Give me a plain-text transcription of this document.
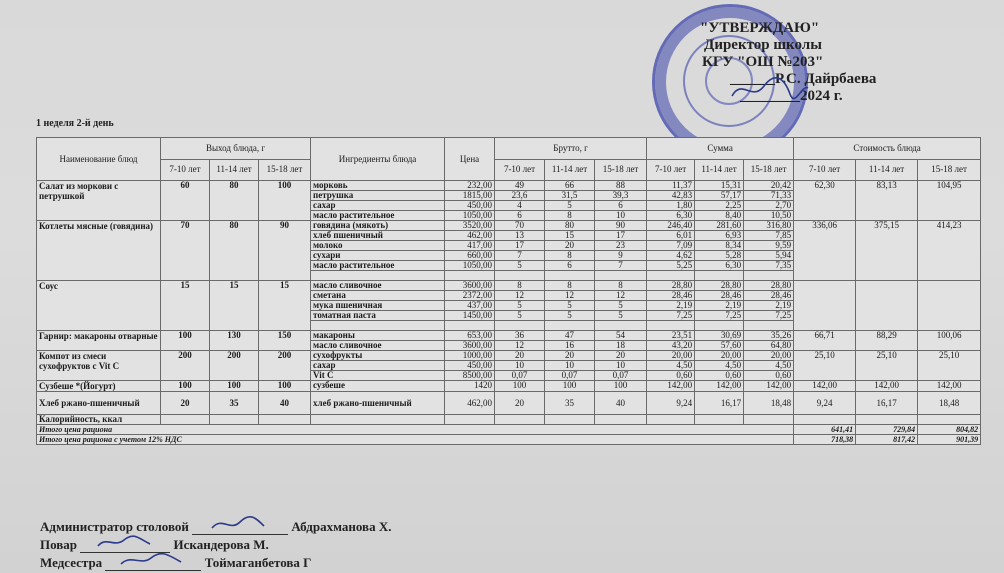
"УТВЕРЖДАЮ"
Директор школы
КГУ "ОШ №203"
______Р.С. Дайрбаева
________2024 г.
1 неделя 2-й день
Наименование блюд	Выход блюда, г			Ингредиенты блюда	Цена	Брутто, г			Сумма			Стоимость блюда		
	7-10 лет	11-14 лет	15-18 лет			7-10 лет	11-14 лет	15-18 лет	7-10 лет	11-14 лет	15-18 лет	7-10 лет	11-14 лет	15-18 лет
Салат из моркови с петрушкой	60	80	100	морковь	232,00	49	66	88	11,37	15,31	20,42	62,30	83,13	104,95
				петрушка	1815,00	23,6	31,5	39,3	42,83	57,17	71,33			
				сахар	450,00	4	5	6	1,80	2,25	2,70			
				масло растительное	1050,00	6	8	10	6,30	8,40	10,50			
Котлеты мясные (говядина)	70	80	90	говядина (мякоть)	3520,00	70	80	90	246,40	281,60	316,80	336,06	375,15	414,23
				хлеб пшеничный	462,00	13	15	17	6,01	6,93	7,85			
				молоко	417,00	17	20	23	7,09	8,34	9,59			
				сухари	660,00	7	8	9	4,62	5,28	5,94			
				масло растительное	1050,00	5	6	7	5,25	6,30	7,35			

Соус	15	15	15	масло сливочное	3600,00	8	8	8	28,80	28,80	28,80			
				сметана	2372,00	12	12	12	28,46	28,46	28,46			
				мука пшеничная	437,00	5	5	5	2,19	2,19	2,19			
				томатная паста	1450,00	5	5	5	7,25	7,25	7,25			

Гарнир: макароны отварные	100	130	150	макароны	653,00	36	47	54	23,51	30,69	35,26	66,71	88,29	100,06
				масло сливочное	3600,00	12	16	18	43,20	57,60	64,80			
Компот из смеси сухофруктов с Vit C	200	200	200	сухофрукты	1000,00	20	20	20	20,00	20,00	20,00	25,10	25,10	25,10
				сахар	450,00	10	10	10	4,50	4,50	4,50			
				Vit C	8500,00	0,07	0,07	0,07	0,60	0,60	0,60			
Сузбеше *(Йогурт)	100	100	100	сузбеше	1420	100	100	100	142,00	142,00	142,00	142,00	142,00	142,00
Хлеб ржано-пшеничный	20	35	40	хлеб ржано-пшеничный	462,00	20	35	40	9,24	16,17	18,48	9,24	16,17	18,48
Калорийность, ккал														
Итого цена рациона												641,41	729,84	804,82
Итого цена рациона с учетом 12% НДС												718,38	817,42	901,39
Администратор столовой	Абдрахманова Х.
Повар	Искандерова М.
Медсестра	Тоймаганбетова Г
